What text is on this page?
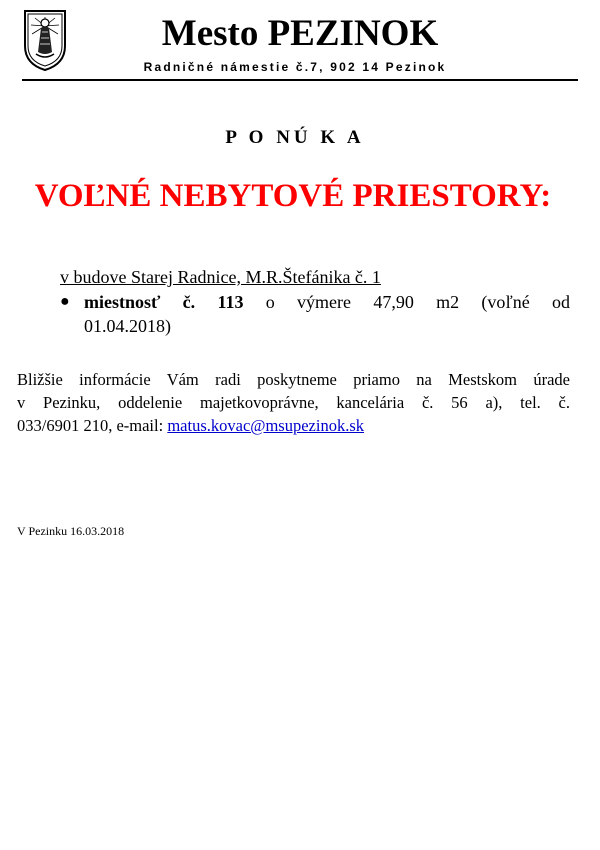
Mesto PEZINOK
Radničné námestie č.7, 902 14 Pezinok
P O NÚ K A
VOĽNÉ NEBYTOVÉ PRIESTORY:
v budove Starej Radnice, M.R.Štefánika č. 1
● miestnosť č. 113 o výmere 47,90 m2 (voľné od
01.04.2018)
Bližšie informácie Vám radi poskytneme priamo na Mestskom úrade
v Pezinku, oddelenie majetkovoprávne, kancelária č. 56 a), tel. č.
033/6901 210, e-mail: matus.kovac@msupezinok.sk
V Pezinku 16.03.2018
